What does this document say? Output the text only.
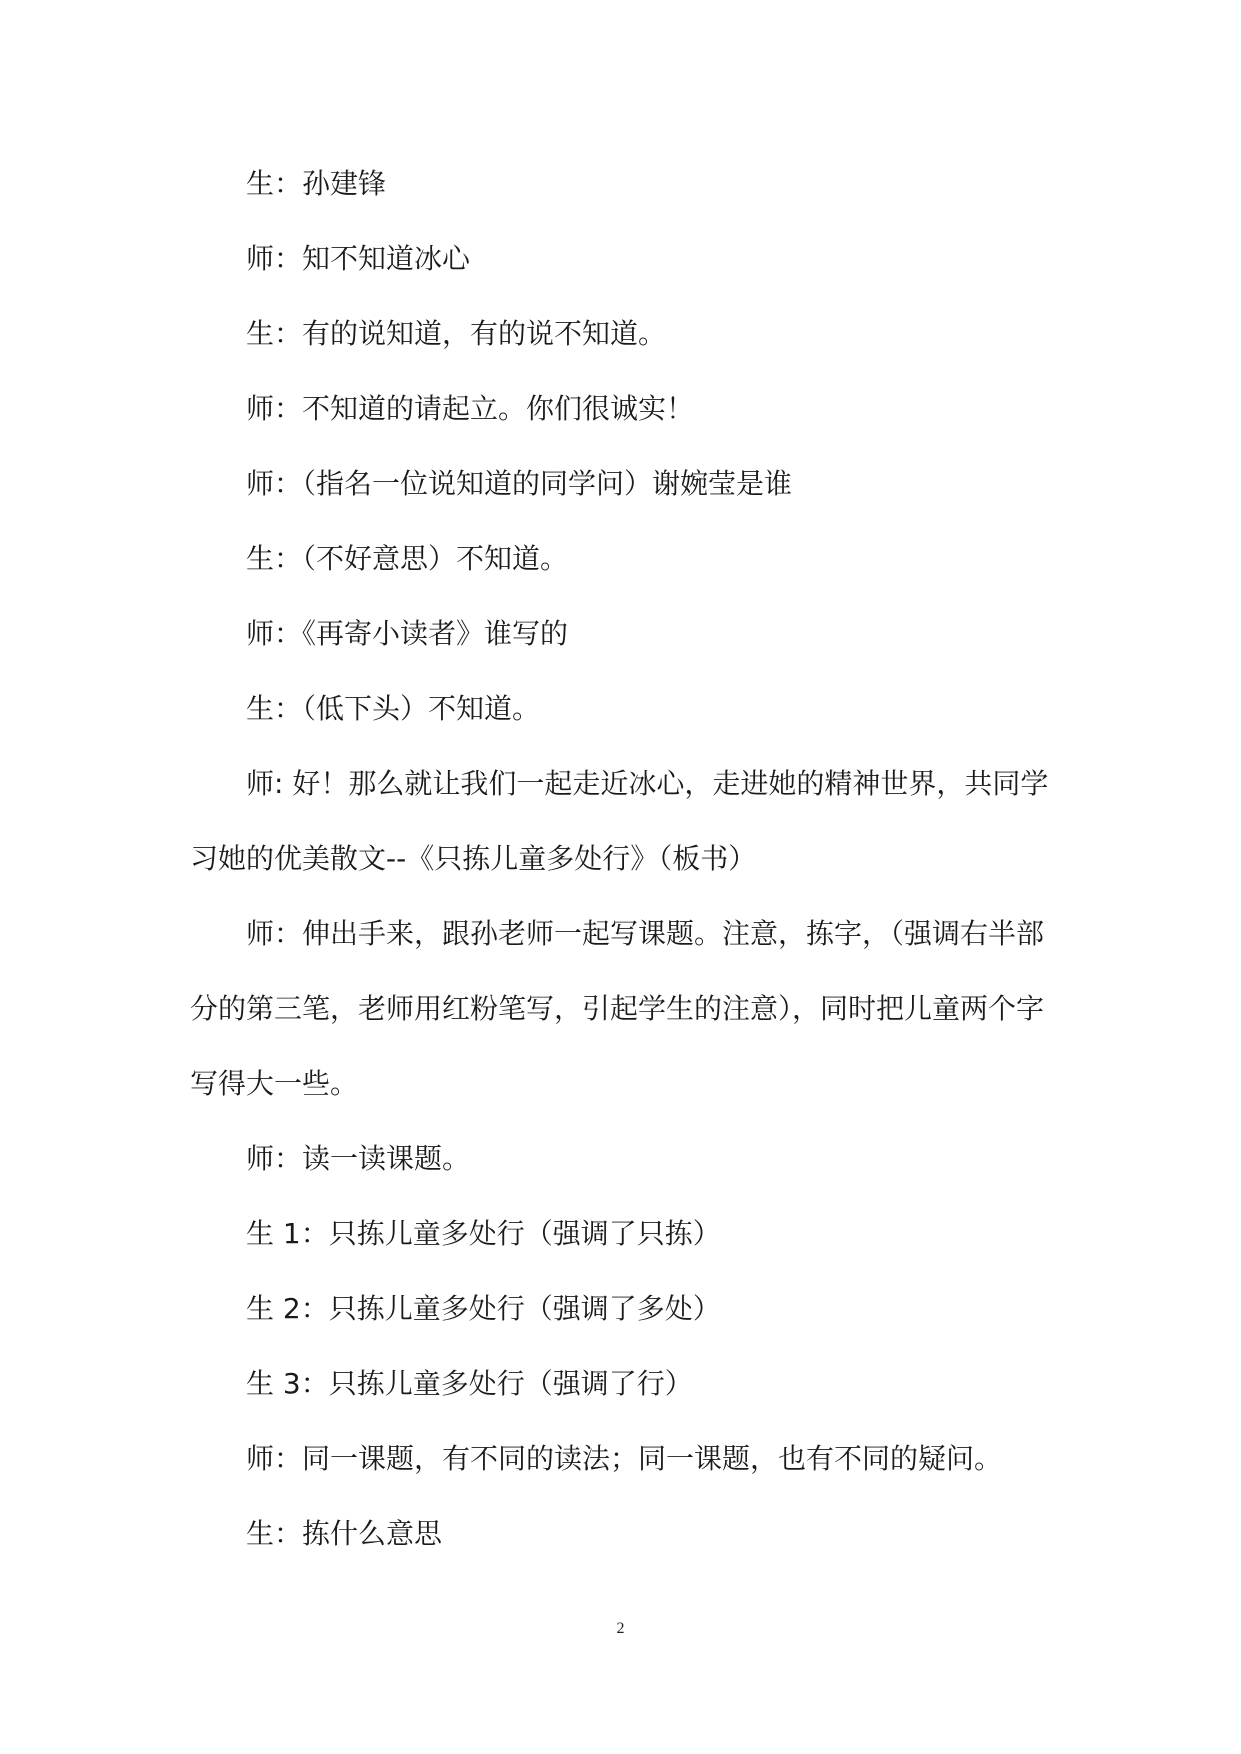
生：孙建锋

师：知不知道冰心

生：有的说知道，有的说不知道。

师：不知道的请起立。你们很诚实！

师：（指名一位说知道的同学问）谢婉莹是谁

生：（不好意思）不知道。

师：《再寄小读者》谁写的

生：（低下头）不知道。

师: 好！那么就让我们一起走近冰心，走进她的精神世界，共同学习她的优美散文--《只拣儿童多处行》（板书）

师：伸出手来，跟孙老师一起写课题。注意，拣字，（强调右半部分的第三笔，老师用红粉笔写，引起学生的注意），同时把儿童两个字写得大一些。

师：读一读课题。

生 1：只拣儿童多处行（强调了只拣）

生 2：只拣儿童多处行（强调了多处）

生 3：只拣儿童多处行（强调了行）

师：同一课题，有不同的读法；同一课题，也有不同的疑问。

生：拣什么意思

2
